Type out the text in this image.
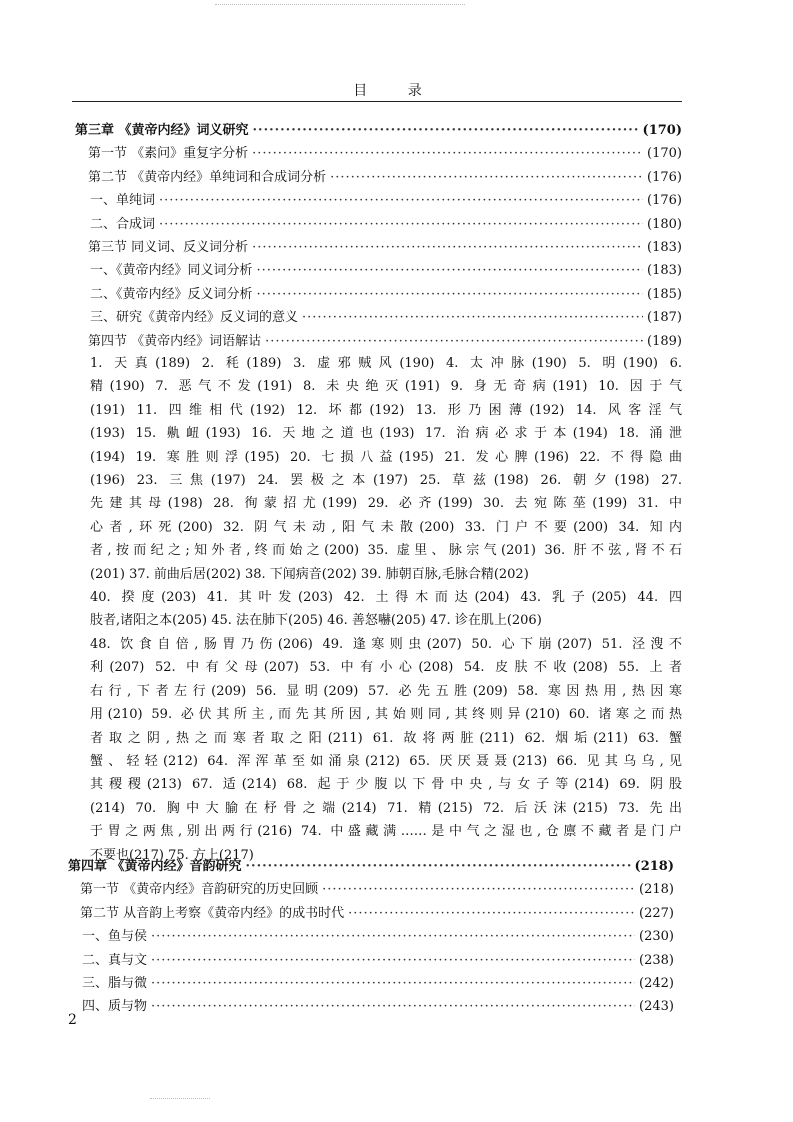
目 录
第三章 《黄帝内经》词义研究 ·····	(170)
第一节 《素问》重复字分析 ·····	(170)
第二节 《黄帝内经》单纯词和合成词分析 ·····	(176)
一、单纯词 ·····	(176)
二、合成词 ·····	(180)
第三节 同义词、反义词分析 ·····	(183)
一、《黄帝内经》同义词分析 ·····	(183)
二、《黄帝内经》反义词分析 ·····	(185)
三、研究《黄帝内经》反义词的意义 ·····	(187)
第四节 《黄帝内经》词语解诂 ·····	(189)
1. 天真(189) 2. 秏(189) 3. 虚邪贼风(190) 4. 太冲脉(190) 5. 明(190) 6.
精(190) 7. 恶气不发(191) 8. 未央绝灭(191) 9. 身无奇病(191) 10. 因于气
(191) 11. 四维相代(192) 12. 坏都(192) 13. 形乃困薄(192) 14. 风客淫气
(193) 15. 鼽衄(193) 16. 天地之道也(193) 17. 治病必求于本(194) 18. 涌泄
(194) 19. 寒胜则浮(195) 20. 七损八益(195) 21. 发心脾(196) 22. 不得隐曲
(196) 23. 三焦(197) 24. 罢极之本(197) 25. 草兹(198) 26. 朝夕(198) 27.
先建其母(198) 28. 徇蒙招尤(199) 29. 必齐(199) 30. 去宛陈莝(199) 31. 中
心者,环死(200) 32. 阴气未动,阳气未散(200) 33. 门户不要(200) 34. 知内
者,按而纪之;知外者,终而始之(200) 35. 虚里、脉宗气(201) 36. 肝不弦,肾不石
(201) 37. 前曲后居(202) 38. 下闻病音(202) 39. 肺朝百脉,毛脉合精(202)
40. 揆度(203) 41. 其叶发(203) 42. 土得木而达(204) 43. 乳子(205) 44. 四
肢者,诸阳之本(205) 45. 法在肺下(205) 46. 善怒嚇(205) 47. 诊在肌上(206)
48. 饮食自倍,肠胃乃伤(206) 49. 逢寒则虫(207) 50. 心下崩(207) 51. 泾溲不
利(207) 52. 中有父母(207) 53. 中有小心(208) 54. 皮肤不收(208) 55. 上者
右行,下者左行(209) 56. 显明(209) 57. 必先五胜(209) 58. 寒因热用,热因寒
用(210) 59. 必伏其所主,而先其所因,其始则同,其终则异(210) 60. 诸寒之而热
者取之阴,热之而寒者取之阳(211) 61. 故将两脏(211) 62. 烟垢(211) 63. 蟹
蟹、轻轻(212) 64. 浑浑革至如涌泉(212) 65. 厌厌聂聂(213) 66. 见其乌乌,见
其稷稷(213) 67. 适(214) 68. 起于少腹以下骨中央,与女子等(214) 69. 阴股
(214) 70. 胸中大腧在杼骨之端(214) 71. 精(215) 72. 后沃沫(215) 73. 先出
于胃之两焦,别出两行(216) 74. 中盛藏满……是中气之湿也,仓廪不藏者是门户
不要也(217) 75. 方上(217)
第四章 《黄帝内经》音韵研究 ·····	(218)
第一节 《黄帝内经》音韵研究的历史回顾 ·····	(218)
第二节 从音韵上考察《黄帝内经》的成书时代 ·····	(227)
一、鱼与侯 ·····	(230)
二、真与文 ·····	(238)
三、脂与微 ·····	(242)
四、质与物 ·····	(243)
2
